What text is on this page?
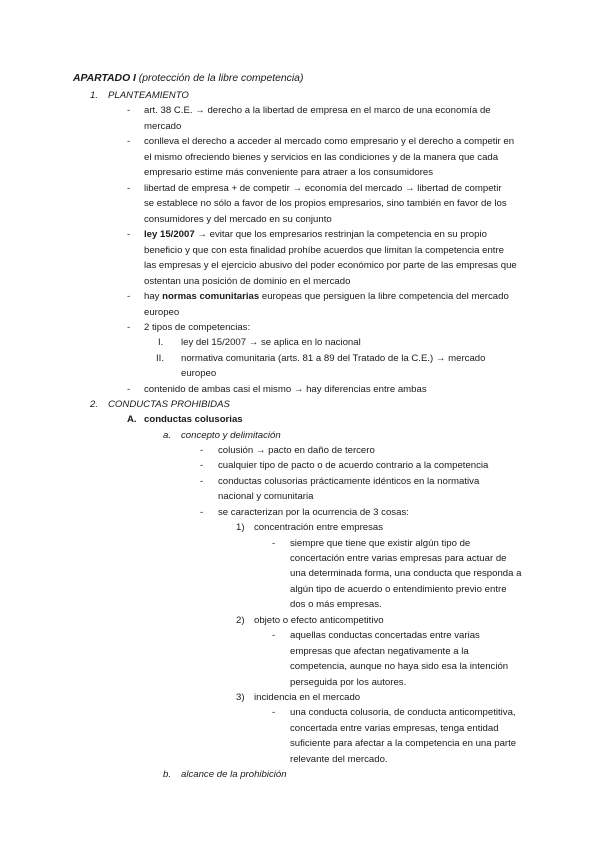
APARTADO I (protección de la libre competencia)
1. PLANTEAMIENTO
- art. 38 C.E. → derecho a la libertad de empresa en el marco de una economía de
mercado
- conlleva el derecho a acceder al mercado como empresario y el derecho a competir en
el mismo ofreciendo bienes y servicios en las condiciones y de la manera que cada
empresario estime más conveniente para atraer a los consumidores
- libertad de empresa + de competir → economía del mercado → libertad de competir
se establece no sólo a favor de los propios empresarios, sino también en favor de los
consumidores y del mercado en su conjunto
- ley 15/2007 → evitar que los empresarios restrinjan la competencia en su propio
beneficio y que con esta finalidad prohíbe acuerdos que limitan la competencia entre
las empresas y el ejercicio abusivo del poder económico por parte de las empresas que
ostentan una posición de dominio en el mercado
- hay normas comunitarias europeas que persiguen la libre competencia del mercado
europeo
- 2 tipos de competencias:
I. ley del 15/2007 → se aplica en lo nacional
II. normativa comunitaria (arts. 81 a 89 del Tratado de la C.E.) → mercado
europeo
- contenido de ambas casi el mismo → hay diferencias entre ambas
2. CONDUCTAS PROHIBIDAS
A. conductas colusorias
a. concepto y delimitación
- colusión → pacto en daño de tercero
- cualquier tipo de pacto o de acuerdo contrario a la competencia
- conductas colusorias prácticamente idénticos en la normativa
nacional y comunitaria
- se caracterizan por la ocurrencia de 3 cosas:
1) concentración entre empresas
- siempre que tiene que existir algún tipo de
concertación entre varias empresas para actuar de
una determinada forma, una conducta que responda a
algún tipo de acuerdo o entendimiento previo entre
dos o más empresas.
2) objeto o efecto anticompetitivo
- aquellas conductas concertadas entre varias
empresas que afectan negativamente a la
competencia, aunque no haya sido esa la intención
perseguida por los autores.
3) incidencia en el mercado
- una conducta colusoria, de conducta anticompetitiva,
concertada entre varias empresas, tenga entidad
suficiente para afectar a la competencia en una parte
relevante del mercado.
b. alcance de la prohibición
